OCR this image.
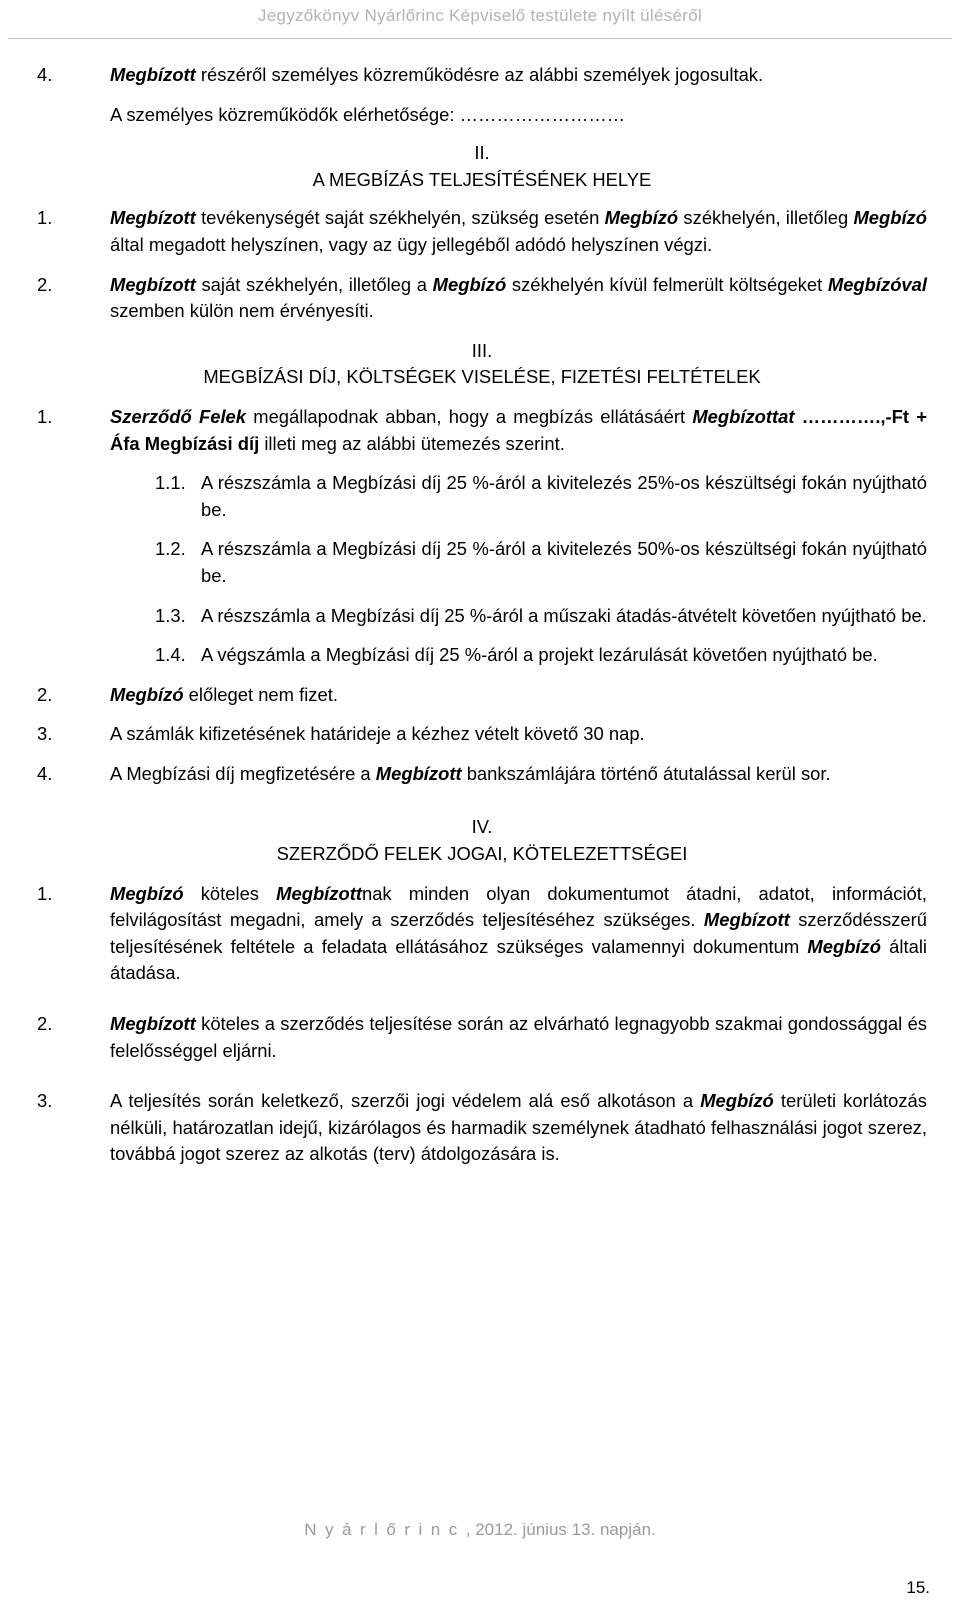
Jegyzőkönyv Nyárlőrinc Képviselő testülete nyílt üléséről
4.	Megbízott részéről személyes közreműködésre az alábbi személyek jogosultak.
A személyes közreműködők elérhetősége: ………………………
II.
A MEGBÍZÁS TELJESÍTÉSÉNEK HELYE
1.	Megbízott tevékenységét saját székhelyén, szükség esetén Megbízó székhelyén, illetőleg Megbízó által megadott helyszínen, vagy az ügy jellegéből adódó helyszínen végzi.
2.	Megbízott saját székhelyén, illetőleg a Megbízó székhelyén kívül felmerült költségeket Megbízóval szemben külön nem érvényesíti.
III.
MEGBÍZÁSI DÍJ, KÖLTSÉGEK VISELÉSE, FIZETÉSI FELTÉTELEK
1.	Szerződő Felek megállapodnak abban, hogy a megbízás ellátásáért Megbízottat ………….,-Ft + Áfa Megbízási díj illeti meg az alábbi ütemezés szerint.
1.1. A részszámla a Megbízási díj 25 %-áról a kivitelezés 25%-os készültségi fokán nyújtható be.
1.2. A részszámla a Megbízási díj 25 %-áról a kivitelezés 50%-os készültségi fokán nyújtható be.
1.3. A részszámla a Megbízási díj 25 %-áról a műszaki átadás-átvételt követően nyújtható be.
1.4. A végszámla a Megbízási díj 25 %-áról a projekt lezárulását követően nyújtható be.
2.	Megbízó előleget nem fizet.
3.	A számlák kifizetésének határideje a kézhez vételt követő 30 nap.
4.	A Megbízási díj megfizetésére a Megbízott bankszámlájára történő átutalással kerül sor.
IV.
SZERZŐDŐ FELEK JOGAI, KÖTELEZETTSÉGEI
1.	Megbízó köteles Megbízottnak minden olyan dokumentumot átadni, adatot, információt, felvilágosítást megadni, amely a szerződés teljesítéséhez szükséges. Megbízott szerződésszerű teljesítésének feltétele a feladata ellátásához szükséges valamennyi dokumentum Megbízó általi átadása.
2.	Megbízott köteles a szerződés teljesítése során az elvárható legnagyobb szakmai gondossággal és felelősséggel eljárni.
3.	A teljesítés során keletkező, szerzői jogi védelem alá eső alkotáson a Megbízó területi korlátozás nélküli, határozatlan idejű, kizárólagos és harmadik személynek átadható felhasználási jogot szerez, továbbá jogot szerez az alkotás (terv) átdolgozására is.
Nyárlőrinc, 2012. június 13. napján.
15.
